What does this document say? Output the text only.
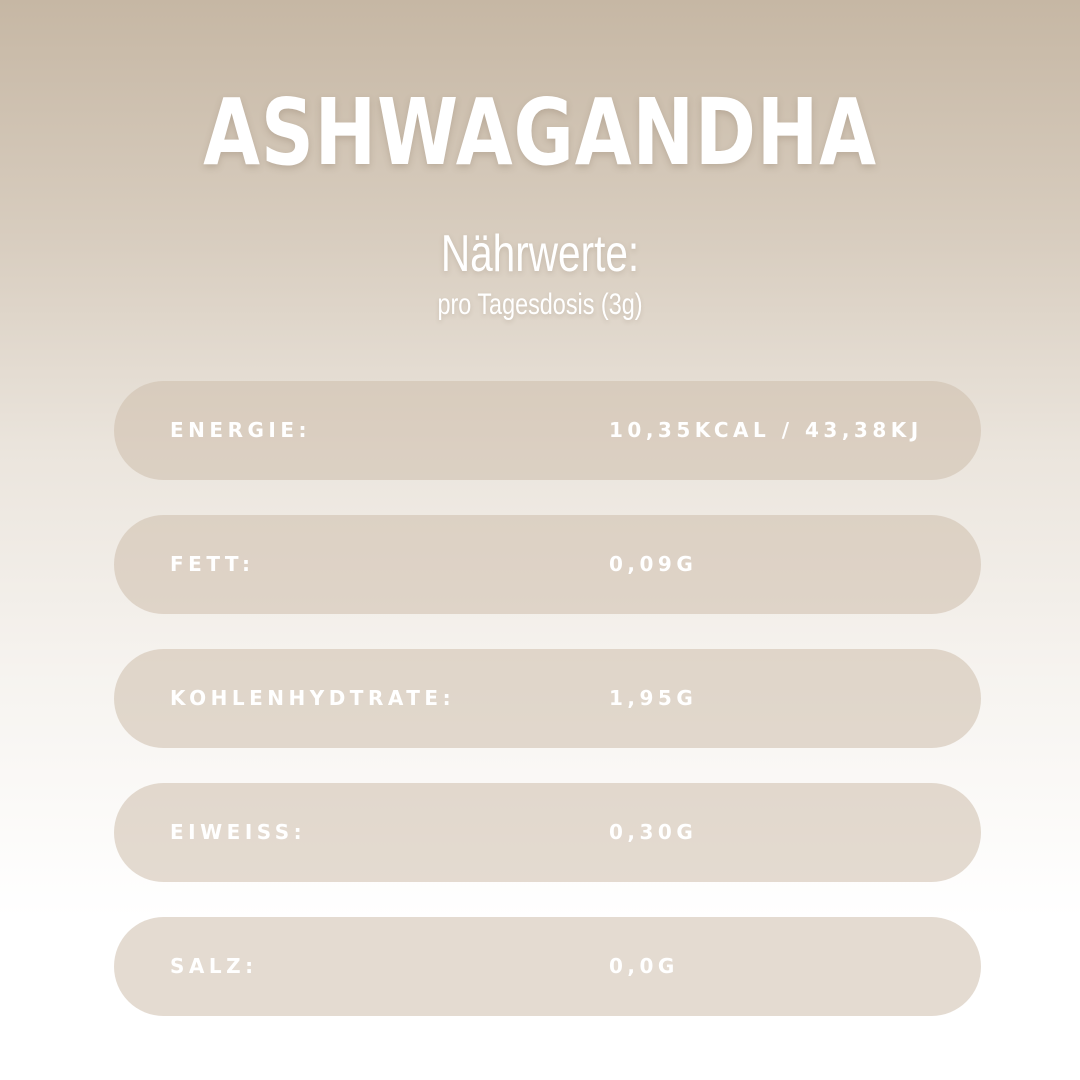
ASHWAGANDHA
Nährwerte:
pro Tagesdosis (3g)
ENERGIE:	10,35KCAL / 43,38KJ
FETT:	0,09G
KOHLENHYDTRATE:	1,95G
EIWEISS:	0,30G
SALZ:	0,0G
